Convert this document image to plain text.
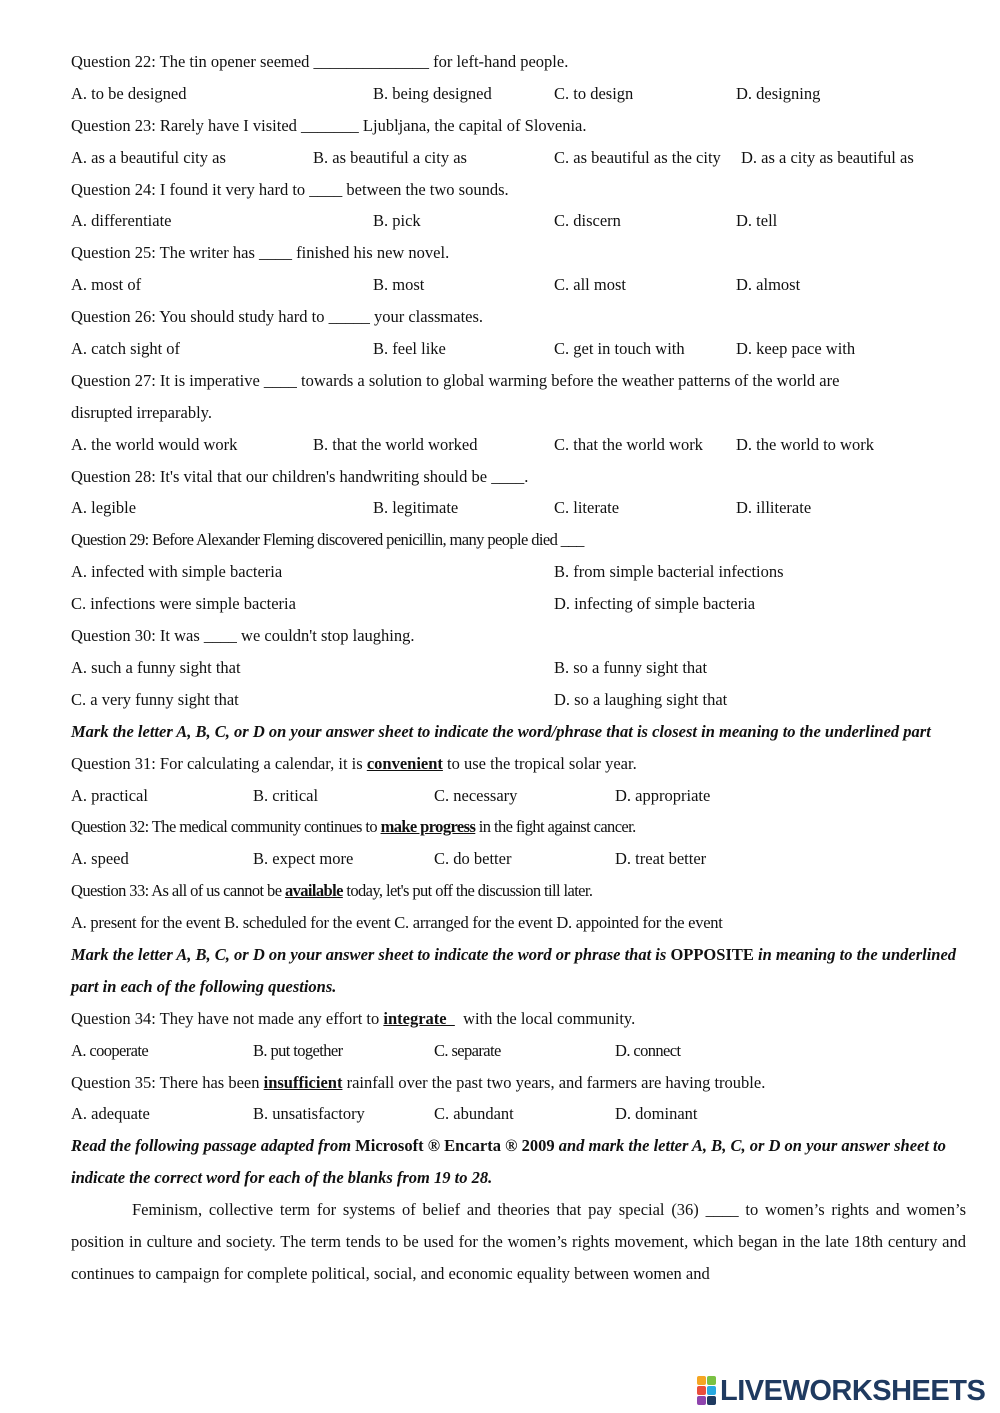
Question 22: The tin opener seemed ______________ for left-hand people.
A. to be designed	B. being designed	C. to design	D. designing
Question 23: Rarely have I visited _______ Ljubljana, the capital of Slovenia.
A. as a beautiful city as	B. as beautiful a city as	C. as beautiful as the city D. as a city as beautiful as
Question 24: I found it very hard to ____ between the two sounds.
A. differentiate	B. pick	C. discern	D. tell
Question 25: The writer has ____ finished his new novel.
A. most of	B. most	C. all most	D. almost
Question 26: You should study hard to _____ your classmates.
A. catch sight of	B. feel like	C. get in touch with	D. keep pace with
Question 27: It is imperative ____ towards a solution to global warming before the weather patterns of the world are
disrupted irreparably.
A. the world would work	B. that the world worked	C. that the world work D. the world to work
Question 28: It's vital that our children's handwriting should be ____.
A. legible	B. legitimate	C. literate	D. illiterate
Question 29: Before Alexander Fleming discovered penicillin, many people died ___
A. infected with simple bacteria	B. from simple bacterial infections
C. infections were simple bacteria	D. infecting of simple bacteria
Question 30: It was ____ we couldn't stop laughing.
A. such a funny sight that	B. so a funny sight that
C. a very funny sight that	D. so a laughing sight that
Mark the letter A, B, C, or D on your answer sheet to indicate the word/phrase that is closest in meaning to the underlined part
Question 31: For calculating a calendar, it is convenient to use the tropical solar year.
A. practical	B. critical	C. necessary	D. appropriate
Question 32: The medical community continues to make progress in the fight against cancer.
A. speed	B. expect more	C. do better	D. treat better
Question 33: As all of us cannot be available today, let's put off the discussion till later.
A. present for the event B. scheduled for the event C. arranged for the event D. appointed for the event
Mark the letter A, B, C, or D on your answer sheet to indicate the word or phrase that is OPPOSITE in meaning to the underlined part in each of the following questions.
Question 34: They have not made any effort to integrate    with the local community.
A. cooperate	B. put together	C. separate	D. connect
Question 35: There has been insufficient rainfall over the past two years, and farmers are having trouble.
A. adequate	B. unsatisfactory	C. abundant	D. dominant
Read the following passage adapted from Microsoft ® Encarta ® 2009 and mark the letter A, B, C, or D on your answer sheet to indicate the correct word for each of the blanks from 19 to 28.
Feminism, collective term for systems of belief and theories that pay special (36) ____ to women’s rights and women’s position in culture and society. The term tends to be used for the women’s rights movement, which began in the late 18th century and continues to campaign for complete political, social, and economic equality between women and
LIVEWORKSHEETS
